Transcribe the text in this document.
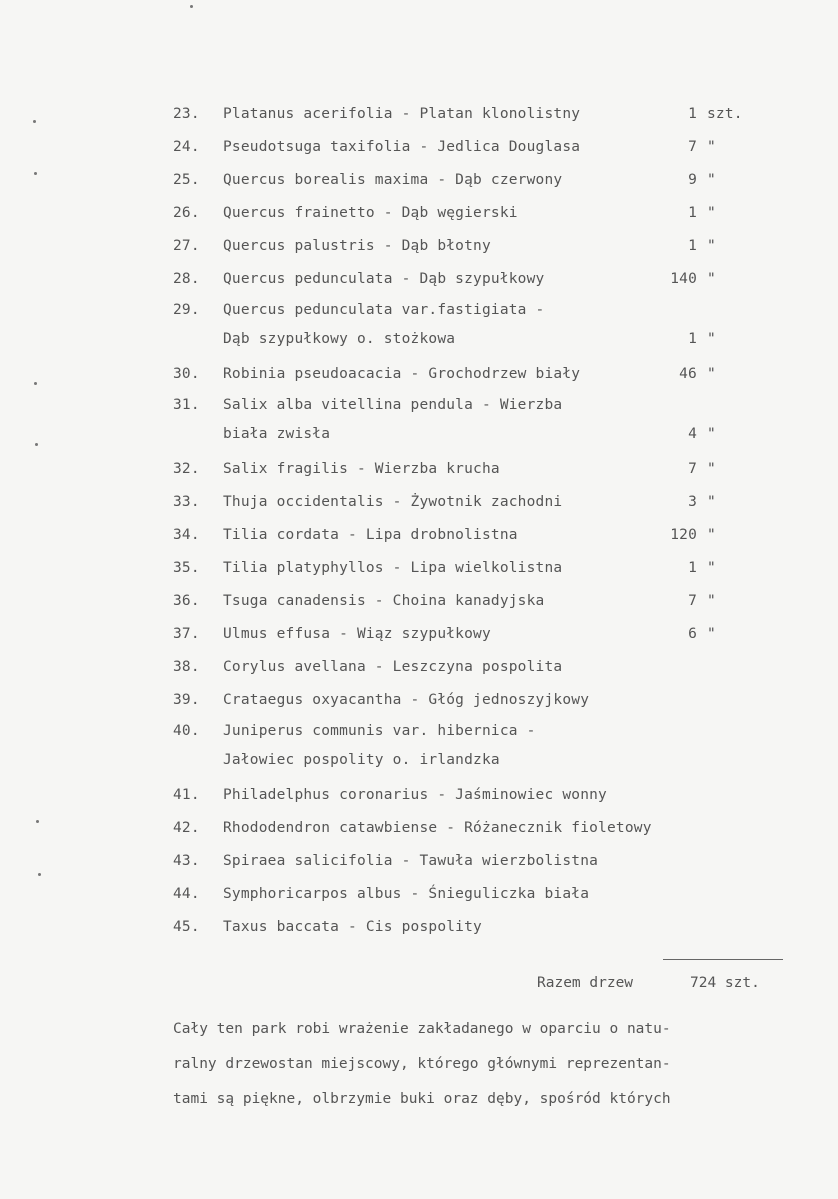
23.	Platanus acerifolia - Platan klonolistny	1 szt.
24.	Pseudotsuga taxifolia - Jedlica Douglasa	7 "
25.	Quercus borealis maxima - Dąb czerwony	9 "
26.	Quercus frainetto - Dąb węgierski	1 "
27.	Quercus palustris - Dąb błotny	1 "
28.	Quercus pedunculata - Dąb szypułkowy	140 "
29.	Quercus pedunculata var.fastigiata -
Dąb szypułkowy o. stożkowa	1 "
30.	Robinia pseudoacacia - Grochodrzew biały	46 "
31.	Salix alba vitellina pendula - Wierzba
biała zwisła	4 "
32.	Salix fragilis - Wierzba krucha	7 "
33.	Thuja occidentalis - Żywotnik zachodni	3 "
34.	Tilia cordata - Lipa drobnolistna	120 "
35.	Tilia platyphyllos - Lipa wielkolistna	1 "
36.	Tsuga canadensis - Choina kanadyjska	7 "
37.	Ulmus effusa - Wiąz szypułkowy	6 "
38.	Corylus avellana - Leszczyna pospolita
39.	Crataegus oxyacantha - Głóg jednoszyjkowy
40.	Juniperus communis var. hibernica -
Jałowiec pospolity o. irlandzka
41.	Philadelphus coronarius - Jaśminowiec wonny
42.	Rhododendron catawbiense - Różanecznik fioletowy
43.	Spiraea salicifolia - Tawuła wierzbolistna
44.	Symphoricarpos albus - Śnieguliczka biała
45.	Taxus baccata - Cis pospolity
Razem drzew	724 szt.
Cały ten park robi wrażenie zakładanego w oparciu o natu-
ralny drzewostan miejscowy, którego głównymi reprezentan-
tami są piękne, olbrzymie buki oraz dęby, spośród których
